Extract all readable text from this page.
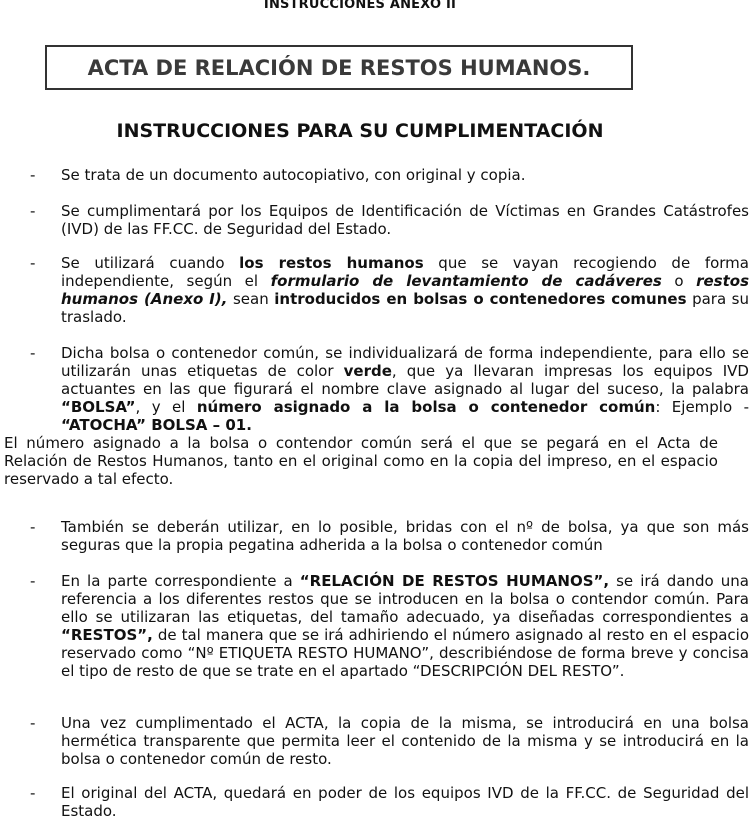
INSTRUCCIONES ANEXO II
ACTA DE RELACIÓN DE RESTOS HUMANOS.
INSTRUCCIONES PARA SU CUMPLIMENTACIÓN
- Se trata de un documento autocopiativo, con original y copia.
- Se cumplimentará por los Equipos de Identificación de Víctimas en Grandes Catástrofes (IVD) de las FF.CC. de Seguridad del Estado.
- Se utilizará cuando los restos humanos que se vayan recogiendo de forma independiente, según el formulario de levantamiento de cadáveres o restos humanos (Anexo I), sean introducidos en bolsas o contenedores comunes para su traslado.
- Dicha bolsa o contenedor común, se individualizará de forma independiente, para ello se utilizarán unas etiquetas de color verde, que ya llevaran impresas los equipos IVD actuantes en las que figurará el nombre clave asignado al lugar del suceso, la palabra “BOLSA”, y el número asignado a la bolsa o contenedor común: Ejemplo - “ATOCHA” BOLSA – 01.
El número asignado a la bolsa o contendor común será el que se pegará en el Acta de Relación de Restos Humanos, tanto en el original como en la copia del impreso, en el espacio reservado a tal efecto.
- También se deberán utilizar, en lo posible, bridas con el nº de bolsa, ya que son más seguras que la propia pegatina adherida a la bolsa o contenedor común
- En la parte correspondiente a “RELACIÓN DE RESTOS HUMANOS”, se irá dando una referencia a los diferentes restos que se introducen en la bolsa o contendor común. Para ello se utilizaran las etiquetas, del tamaño adecuado, ya diseñadas correspondientes a “RESTOS”, de tal manera que se irá adhiriendo el número asignado al resto en el espacio reservado como “Nº ETIQUETA RESTO HUMANO”, describiéndose de forma breve y concisa el tipo de resto de que se trate en el apartado “DESCRIPCIÓN DEL RESTO”.
- Una vez cumplimentado el ACTA, la copia de la misma, se introducirá en una bolsa hermética transparente que permita leer el contenido de la misma y se introducirá en la bolsa o contenedor común de resto.
- El original del ACTA, quedará en poder de los equipos IVD de la FF.CC. de Seguridad del Estado.
